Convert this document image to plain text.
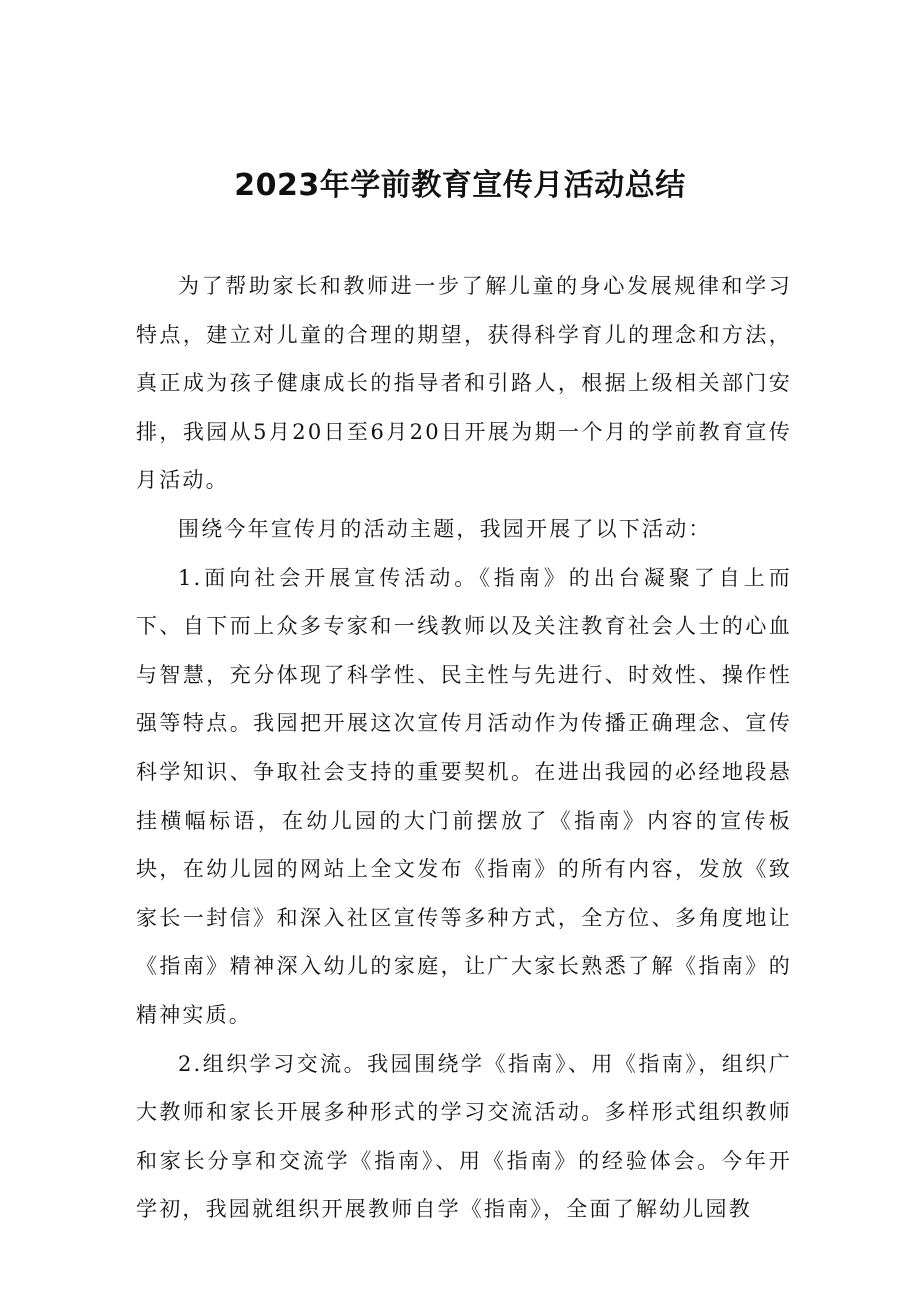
2023年学前教育宣传月活动总结

为了帮助家长和教师进一步了解儿童的身心发展规律和学习特点，建立对儿童的合理的期望，获得科学育儿的理念和方法，真正成为孩子健康成长的指导者和引路人，根据上级相关部门安排，我园从5月20日至6月20日开展为期一个月的学前教育宣传月活动。

围绕今年宣传月的活动主题，我园开展了以下活动：

1.面向社会开展宣传活动。《指南》的出台凝聚了自上而下、自下而上众多专家和一线教师以及关注教育社会人士的心血与智慧，充分体现了科学性、民主性与先进行、时效性、操作性强等特点。我园把开展这次宣传月活动作为传播正确理念、宣传科学知识、争取社会支持的重要契机。在进出我园的必经地段悬挂横幅标语，在幼儿园的大门前摆放了《指南》内容的宣传板块，在幼儿园的网站上全文发布《指南》的所有内容，发放《致家长一封信》和深入社区宣传等多种方式，全方位、多角度地让《指南》精神深入幼儿的家庭，让广大家长熟悉了解《指南》的精神实质。

2.组织学习交流。我园围绕学《指南》、用《指南》，组织广大教师和家长开展多种形式的学习交流活动。多样形式组织教师和家长分享和交流学《指南》、用《指南》的经验体会。今年开学初，我园就组织开展教师自学《指南》，全面了解幼儿园教
